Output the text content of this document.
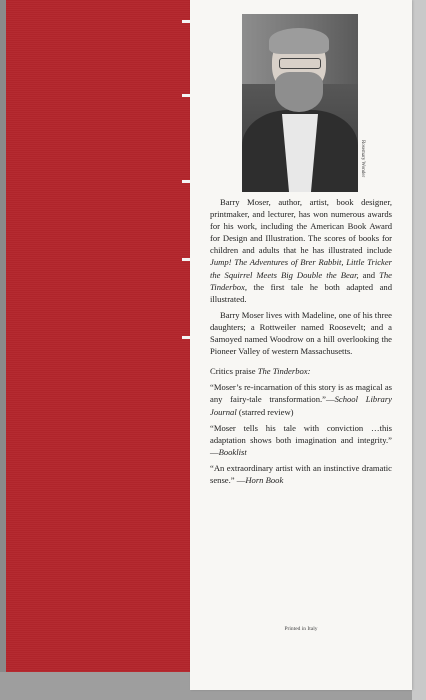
Rosemary Wonder

Barry Moser, author, artist, book designer, printmaker, and lecturer, has won numerous awards for his work, including the American Book Award for Design and Illustration. The scores of books for children and adults that he has illustrated include Jump! The Adventures of Brer Rabbit, Little Tricker the Squirrel Meets Big Double the Bear, and The Tinderbox, the first tale he both adapted and illustrated.

Barry Moser lives with Madeline, one of his three daughters; a Rottweiler named Roosevelt; and a Samoyed named Woodrow on a hill overlooking the Pioneer Valley of western Massachusetts.

Critics praise The Tinderbox:

“Moser’s re-incarnation of this story is as magical as any fairy-tale transformation.”—School Library Journal (starred review)

“Moser tells his tale with conviction …this adaptation shows both imagination and integrity.” —Booklist

“An extraordinary artist with an instinctive dramatic sense.” —Horn Book

Printed in Italy
